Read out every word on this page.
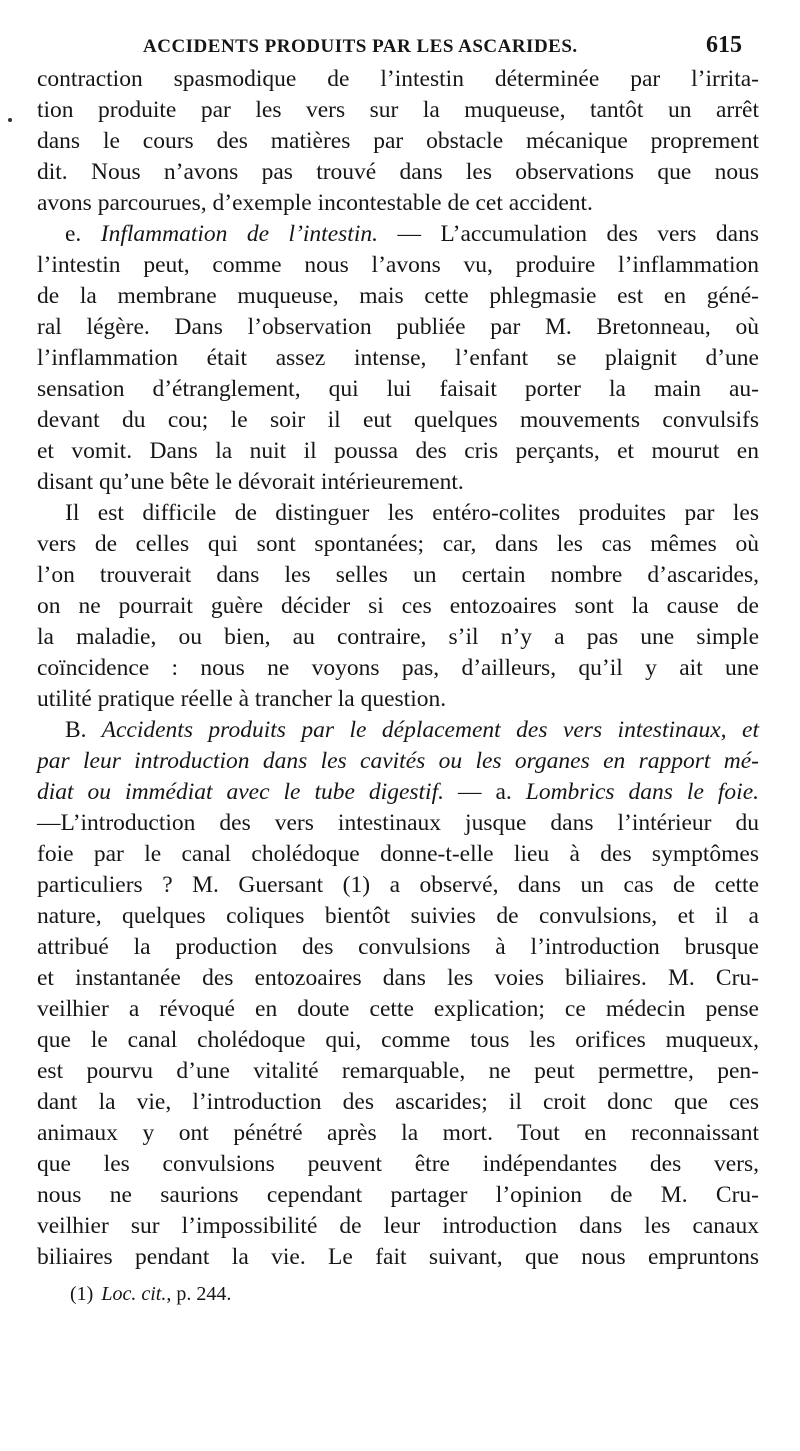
ACCIDENTS PRODUITS PAR LES ASCARIDES.	615
contraction spasmodique de l’intestin déterminée par l’irrita-
tion produite par les vers sur la muqueuse, tantôt un arrêt
dans le cours des matières par obstacle mécanique proprement
dit. Nous n’avons pas trouvé dans les observations que nous
avons parcourues, d’exemple incontestable de cet accident.
e. Inflammation de l’intestin. — L’accumulation des vers dans
l’intestin peut, comme nous l’avons vu, produire l’inflammation
de la membrane muqueuse, mais cette phlegmasie est en géné-
ral légère. Dans l’observation publiée par M. Bretonneau, où
l’inflammation était assez intense, l’enfant se plaignit d’une
sensation d’étranglement, qui lui faisait porter la main au-
devant du cou; le soir il eut quelques mouvements convulsifs
et vomit. Dans la nuit il poussa des cris perçants, et mourut en
disant qu’une bête le dévorait intérieurement.
Il est difficile de distinguer les entéro-colites produites par les
vers de celles qui sont spontanées; car, dans les cas mêmes où
l’on trouverait dans les selles un certain nombre d’ascarides,
on ne pourrait guère décider si ces entozoaires sont la cause de
la maladie, ou bien, au contraire, s’il n’y a pas une simple
coïncidence : nous ne voyons pas, d’ailleurs, qu’il y ait une
utilité pratique réelle à trancher la question.
B. Accidents produits par le déplacement des vers intestinaux, et
par leur introduction dans les cavités ou les organes en rapport mé-
diat ou immédiat avec le tube digestif. — a. Lombrics dans le foie.
—L’introduction des vers intestinaux jusque dans l’intérieur du
foie par le canal cholédoque donne-t-elle lieu à des symptômes
particuliers ? M. Guersant (1) a observé, dans un cas de cette
nature, quelques coliques bientôt suivies de convulsions, et il a
attribué la production des convulsions à l’introduction brusque
et instantanée des entozoaires dans les voies biliaires. M. Cru-
veilhier a révoqué en doute cette explication; ce médecin pense
que le canal cholédoque qui, comme tous les orifices muqueux,
est pourvu d’une vitalité remarquable, ne peut permettre, pen-
dant la vie, l’introduction des ascarides; il croit donc que ces
animaux y ont pénétré après la mort. Tout en reconnaissant
que les convulsions peuvent être indépendantes des vers,
nous ne saurions cependant partager l’opinion de M. Cru-
veilhier sur l’impossibilité de leur introduction dans les canaux
biliaires pendant la vie. Le fait suivant, que nous empruntons
(1) Loc. cit., p. 244.
